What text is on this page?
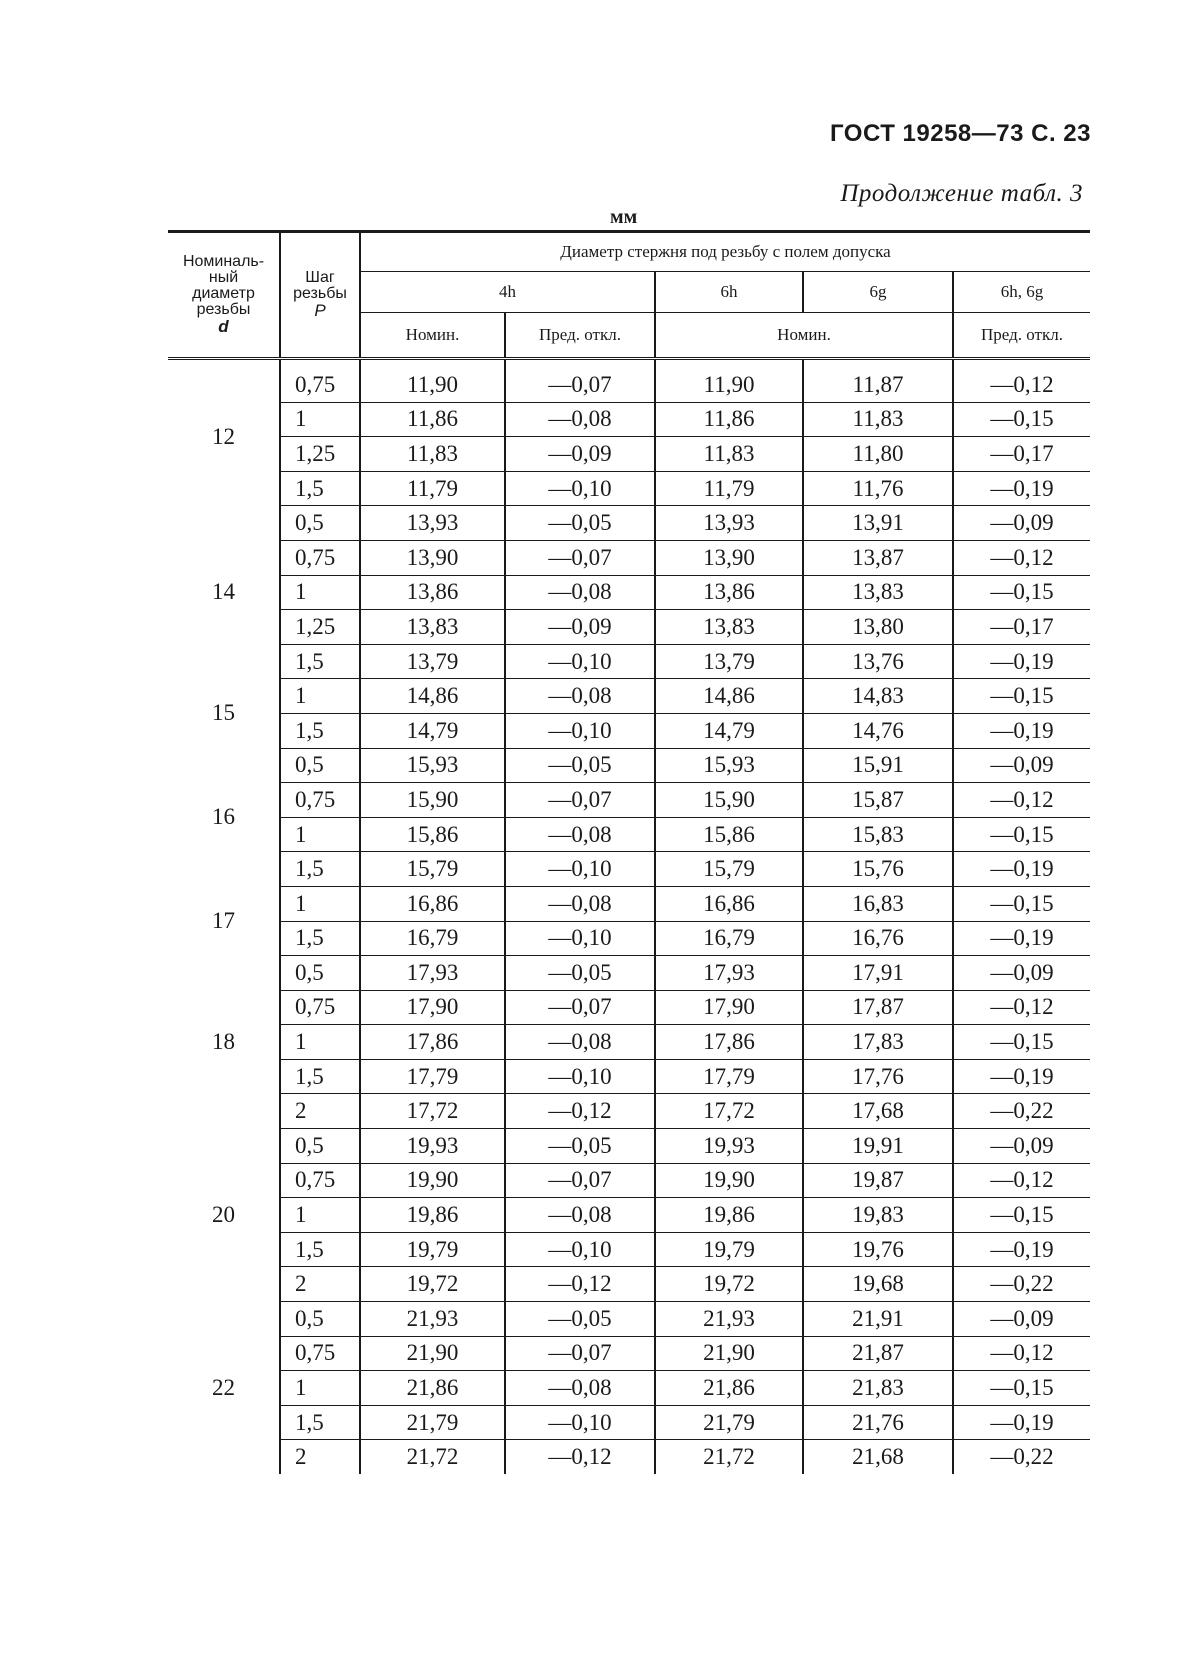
ГОСТ 19258—73 С. 23
Продолжение табл. 3
мм
Номиналь-
ный
диаметр
резьбы
d	Шаг
резьбы
P	Диаметр стержня под резьбу с полем допуска				
		4h		6h	6g	6h, 6g
		Номин.	Пред. откл.	Номин.		Пред. откл.
12	0,75	11,90	—0,07	11,90	11,87	—0,12
	1	11,86	—0,08	11,86	11,83	—0,15
	1,25	11,83	—0,09	11,83	11,80	—0,17
	1,5	11,79	—0,10	11,79	11,76	—0,19
14	0,5	13,93	—0,05	13,93	13,91	—0,09
	0,75	13,90	—0,07	13,90	13,87	—0,12
	1	13,86	—0,08	13,86	13,83	—0,15
	1,25	13,83	—0,09	13,83	13,80	—0,17
	1,5	13,79	—0,10	13,79	13,76	—0,19
15	1	14,86	—0,08	14,86	14,83	—0,15
	1,5	14,79	—0,10	14,79	14,76	—0,19
16	0,5	15,93	—0,05	15,93	15,91	—0,09
	0,75	15,90	—0,07	15,90	15,87	—0,12
	1	15,86	—0,08	15,86	15,83	—0,15
	1,5	15,79	—0,10	15,79	15,76	—0,19
17	1	16,86	—0,08	16,86	16,83	—0,15
	1,5	16,79	—0,10	16,79	16,76	—0,19
18	0,5	17,93	—0,05	17,93	17,91	—0,09
	0,75	17,90	—0,07	17,90	17,87	—0,12
	1	17,86	—0,08	17,86	17,83	—0,15
	1,5	17,79	—0,10	17,79	17,76	—0,19
	2	17,72	—0,12	17,72	17,68	—0,22
20	0,5	19,93	—0,05	19,93	19,91	—0,09
	0,75	19,90	—0,07	19,90	19,87	—0,12
	1	19,86	—0,08	19,86	19,83	—0,15
	1,5	19,79	—0,10	19,79	19,76	—0,19
	2	19,72	—0,12	19,72	19,68	—0,22
22	0,5	21,93	—0,05	21,93	21,91	—0,09
	0,75	21,90	—0,07	21,90	21,87	—0,12
	1	21,86	—0,08	21,86	21,83	—0,15
	1,5	21,79	—0,10	21,79	21,76	—0,19
	2	21,72	—0,12	21,72	21,68	—0,22
